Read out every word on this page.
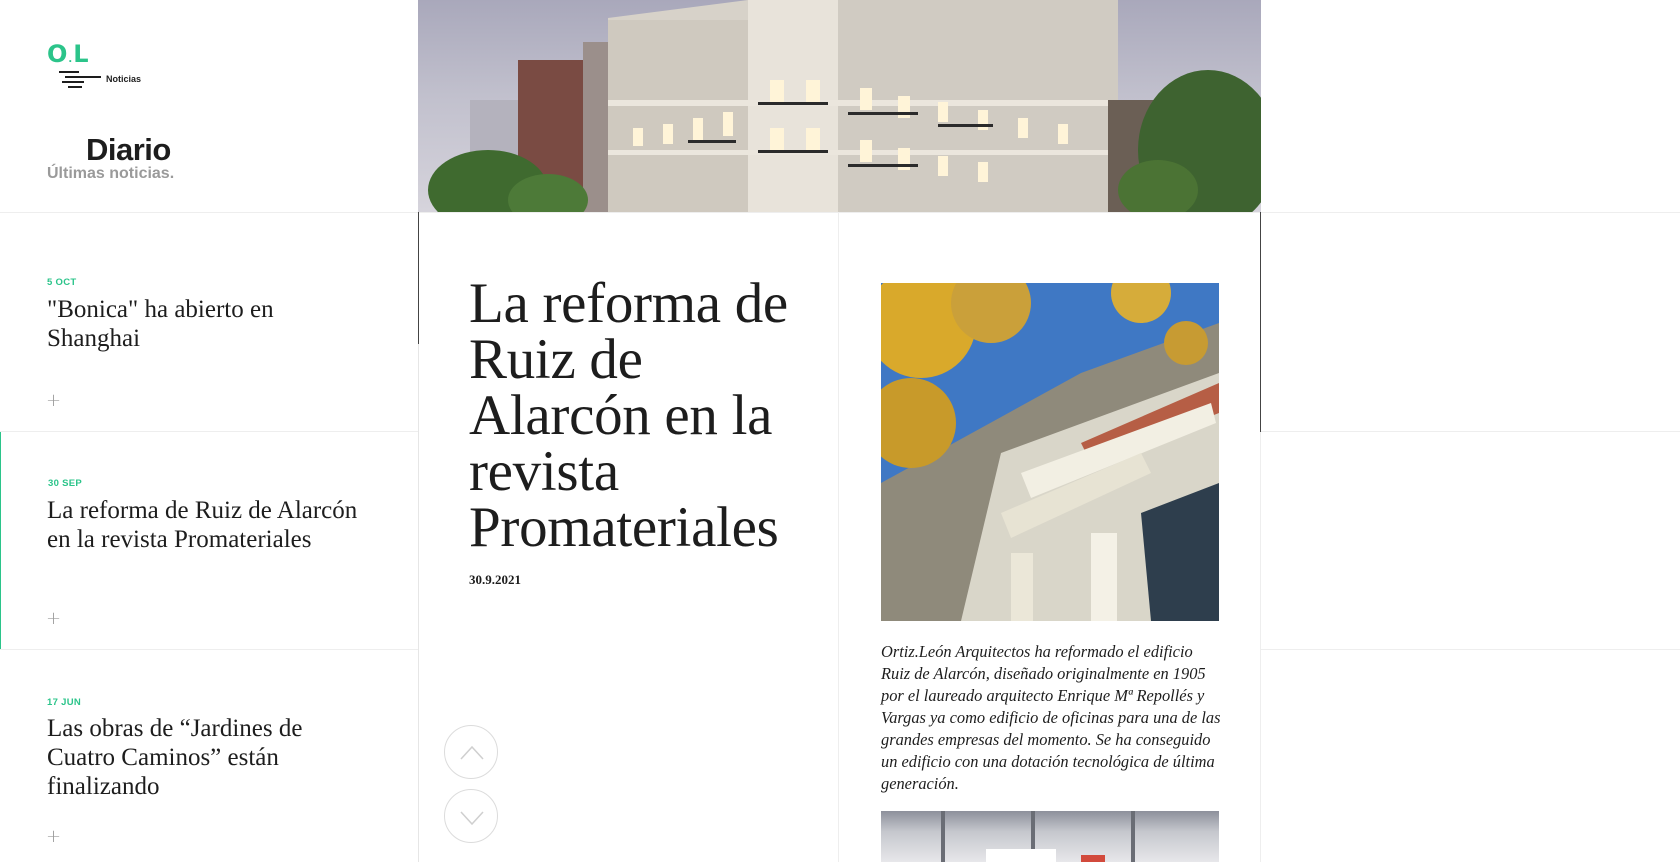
O.L
Noticias
Diario
Últimas noticias.
5 OCT
"Bonica" ha abierto en Shanghai
+
30 SEP
La reforma de Ruiz de Alarcón en la revista Promateriales
+
17 JUN
Las obras de “Jardines de Cuatro Caminos” están finalizando
+
La reforma de Ruiz de Alarcón en la revista Promateriales
30.9.2021
Ortiz.León Arquitectos ha reformado el edificio Ruiz de Alarcón, diseñado originalmente en 1905 por el laureado arquitecto Enrique Mª Repollés y Vargas ya como edificio de oficinas para una de las grandes empresas del momento. Se ha conseguido un edificio con una dotación tecnológica de última generación.
